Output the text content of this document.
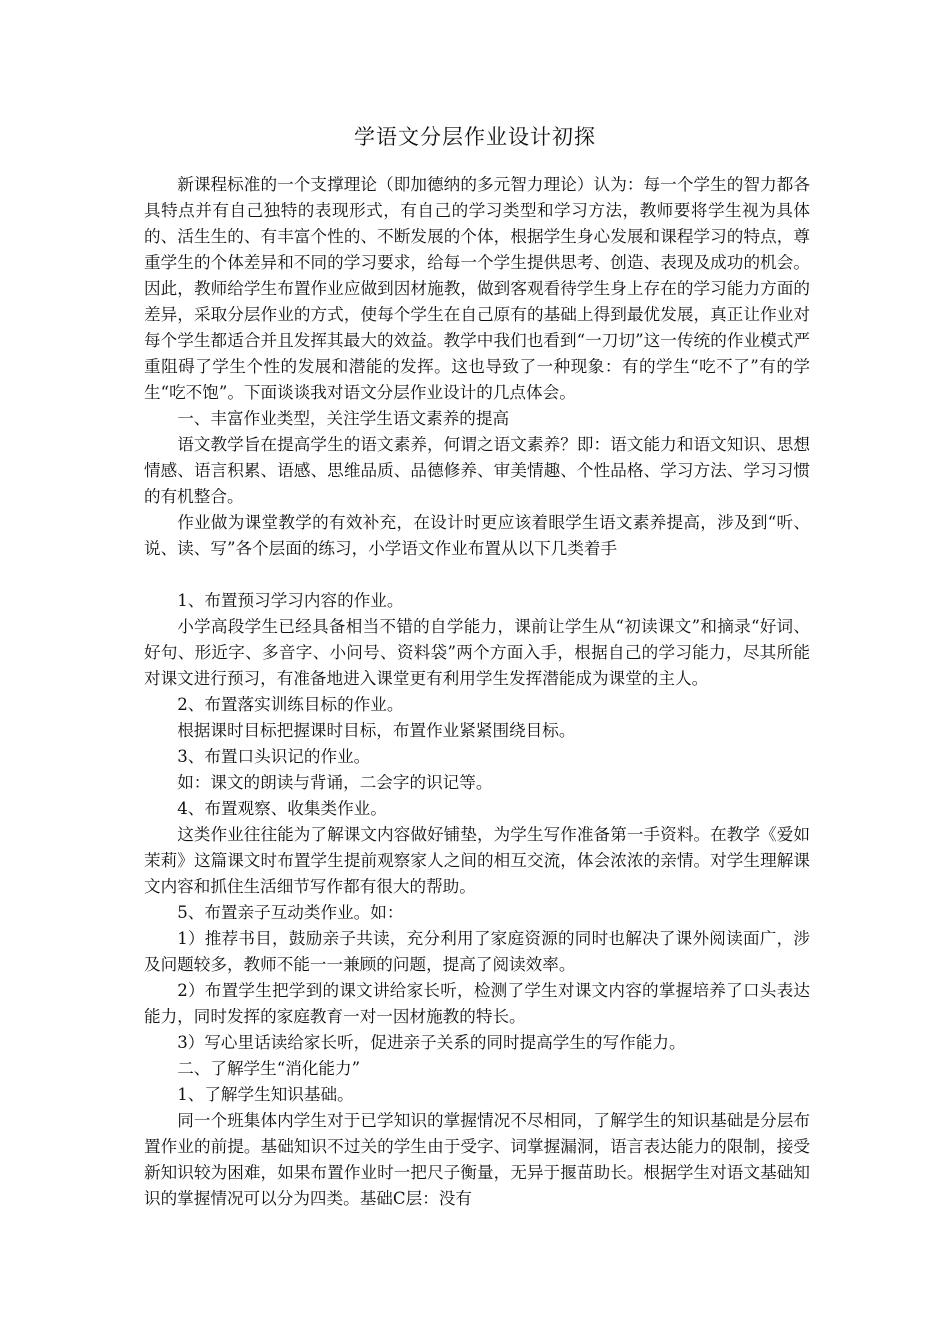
学语文分层作业设计初探

新课程标准的一个支撑理论（即加德纳的多元智力理论）认为：每一个学生的智力都各具特点并有自己独特的表现形式，有自己的学习类型和学习方法，教师要将学生视为具体的、活生生的、有丰富个性的、不断发展的个体，根据学生身心发展和课程学习的特点，尊重学生的个体差异和不同的学习要求，给每一个学生提供思考、创造、表现及成功的机会。因此，教师给学生布置作业应做到因材施教，做到客观看待学生身上存在的学习能力方面的差异，采取分层作业的方式，使每个学生在自己原有的基础上得到最优发展，真正让作业对每个学生都适合并且发挥其最大的效益。教学中我们也看到“一刀切”这一传统的作业模式严重阻碍了学生个性的发展和潜能的发挥。这也导致了一种现象：有的学生“吃不了”有的学生“吃不饱”。下面谈谈我对语文分层作业设计的几点体会。

一、丰富作业类型，关注学生语文素养的提高

语文教学旨在提高学生的语文素养，何谓之语文素养？即：语文能力和语文知识、思想情感、语言积累、语感、思维品质、品德修养、审美情趣、个性品格、学习方法、学习习惯的有机整合。

作业做为课堂教学的有效补充，在设计时更应该着眼学生语文素养提高，涉及到“听、说、读、写”各个层面的练习，小学语文作业布置从以下几类着手

1、布置预习学习内容的作业。

小学高段学生已经具备相当不错的自学能力，课前让学生从“初读课文”和摘录“好词、好句、形近字、多音字、小问号、资料袋”两个方面入手，根据自己的学习能力，尽其所能对课文进行预习，有准备地进入课堂更有利用学生发挥潜能成为课堂的主人。

2、布置落实训练目标的作业。

根据课时目标把握课时目标，布置作业紧紧围绕目标。

3、布置口头识记的作业。

如：课文的朗读与背诵，二会字的识记等。

4、布置观察、收集类作业。

这类作业往往能为了解课文内容做好铺垫，为学生写作准备第一手资料。在教学《爱如茉莉》这篇课文时布置学生提前观察家人之间的相互交流，体会浓浓的亲情。对学生理解课文内容和抓住生活细节写作都有很大的帮助。

5、布置亲子互动类作业。如：

1）推荐书目，鼓励亲子共读，充分利用了家庭资源的同时也解决了课外阅读面广，涉及问题较多，教师不能一一兼顾的问题，提高了阅读效率。

2）布置学生把学到的课文讲给家长听，检测了学生对课文内容的掌握培养了口头表达能力，同时发挥的家庭教育一对一因材施教的特长。

3）写心里话读给家长听，促进亲子关系的同时提高学生的写作能力。

二、了解学生“消化能力”

1、了解学生知识基础。

同一个班集体内学生对于已学知识的掌握情况不尽相同，了解学生的知识基础是分层布置作业的前提。基础知识不过关的学生由于受字、词掌握漏洞，语言表达能力的限制，接受新知识较为困难，如果布置作业时一把尺子衡量，无异于揠苗助长。根据学生对语文基础知识的掌握情况可以分为四类。基础C层：没有
